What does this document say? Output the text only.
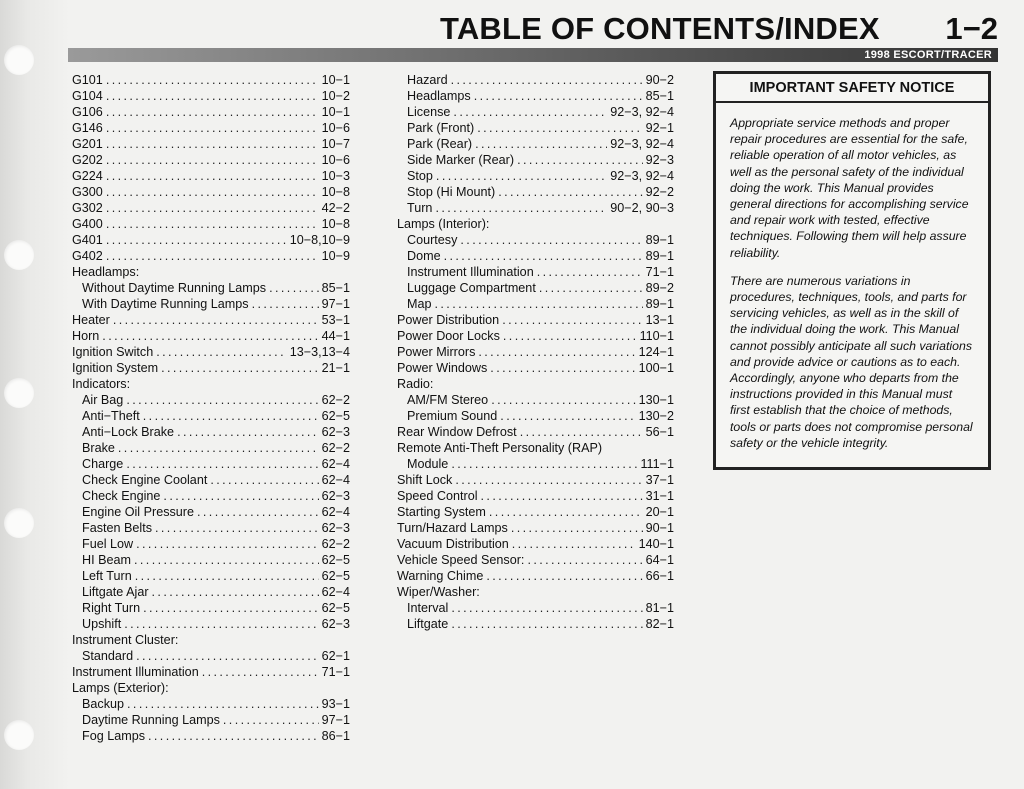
TABLE OF CONTENTS/INDEX 1−2
1998 ESCORT/TRACER
G101 .....	10−1
G104 .....	10−2
G106 .....	10−1
G146 .....	10−6
G201 .....	10−7
G202 .....	10−6
G224 .....	10−3
G300 .....	10−8
G302 .....	42−2
G400 .....	10−8
G401 .....	10−8,10−9
G402 .....	10−9
Headlamps:
Without Daytime Running Lamps .....	85−1
With Daytime Running Lamps .....	97−1
Heater .....	53−1
Horn .....	44−1
Ignition Switch .....	13−3,13−4
Ignition System .....	21−1
Indicators:
Air Bag .....	62−2
Anti−Theft .....	62−5
Anti−Lock Brake .....	62−3
Brake .....	62−2
Charge .....	62−4
Check Engine Coolant .....	62−4
Check Engine .....	62−3
Engine Oil Pressure .....	62−4
Fasten Belts .....	62−3
Fuel Low .....	62−2
HI Beam .....	62−5
Left Turn .....	62−5
Liftgate Ajar .....	62−4
Right Turn .....	62−5
Upshift .....	62−3
Instrument Cluster:
Standard .....	62−1
Instrument Illumination .....	71−1
Lamps (Exterior):
Backup .....	93−1
Daytime Running Lamps .....	97−1
Fog Lamps .....	86−1
Hazard .....	90−2
Headlamps .....	85−1
License .....	92−3, 92−4
Park (Front) .....	92−1
Park (Rear) .....	92−3, 92−4
Side Marker (Rear) .....	92−3
Stop .....	92−3, 92−4
Stop (Hi Mount) .....	92−2
Turn .....	90−2, 90−3
Lamps (Interior):
Courtesy .....	89−1
Dome .....	89−1
Instrument Illumination .....	71−1
Luggage Compartment .....	89−2
Map .....	89−1
Power Distribution .....	13−1
Power Door Locks .....	110−1
Power Mirrors .....	124−1
Power Windows .....	100−1
Radio:
AM/FM Stereo .....	130−1
Premium Sound .....	130−2
Rear Window Defrost .....	56−1
Remote Anti-Theft Personality (RAP)
Module .....	111−1
Shift Lock .....	37−1
Speed Control .....	31−1
Starting System .....	20−1
Turn/Hazard Lamps .....	90−1
Vacuum Distribution .....	140−1
Vehicle Speed Sensor: .....	64−1
Warning Chime .....	66−1
Wiper/Washer:
Interval .....	81−1
Liftgate .....	82−1
IMPORTANT SAFETY NOTICE

Appropriate service methods and proper repair procedures are essential for the safe, reliable operation of all motor vehicles, as well as the personal safety of the individual doing the work. This Manual provides general directions for accomplishing service and repair work with tested, effective techniques. Following them will help assure reliability.

There are numerous variations in procedures, techniques, tools, and parts for servicing vehicles, as well as in the skill of the individual doing the work. This Manual cannot possibly anticipate all such variations and provide advice or cautions as to each. Accordingly, anyone who departs from the instructions provided in this Manual must first establish that the choice of methods, tools or parts does not compromise personal safety or the vehicle integrity.
